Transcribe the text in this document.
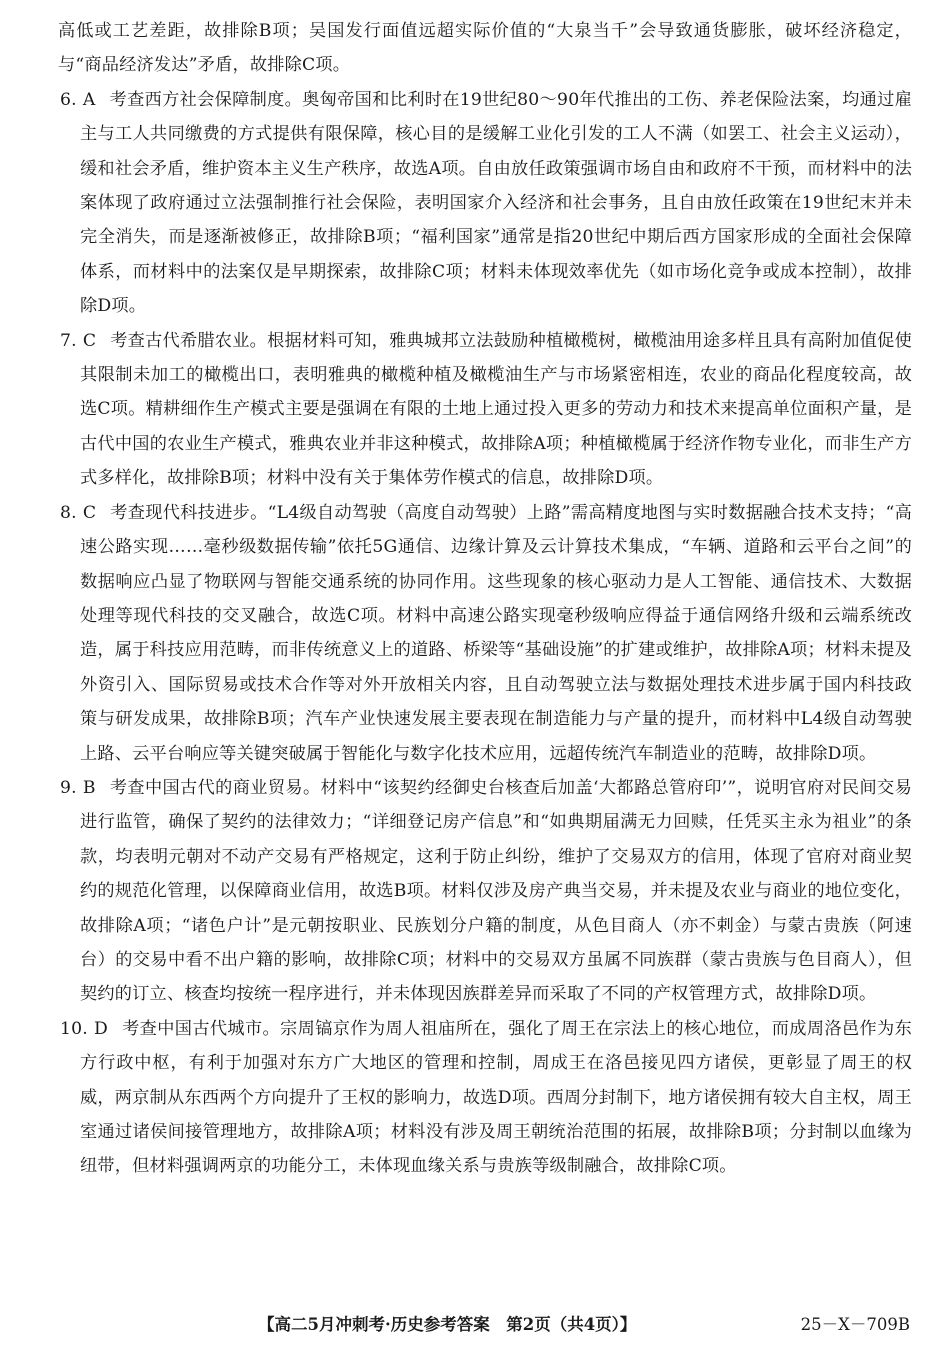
高低或工艺差距，故排除B项；吴国发行面值远超实际价值的“大泉当千”会导致通货膨胀，破坏经济稳定，与“商品经济发达”矛盾，故排除C项。

6. A 考查西方社会保障制度。奥匈帝国和比利时在19世纪80～90年代推出的工伤、养老保险法案，均通过雇主与工人共同缴费的方式提供有限保障，核心目的是缓解工业化引发的工人不满（如罢工、社会主义运动），缓和社会矛盾，维护资本主义生产秩序，故选A项。自由放任政策强调市场自由和政府不干预，而材料中的法案体现了政府通过立法强制推行社会保险，表明国家介入经济和社会事务，且自由放任政策在19世纪末并未完全消失，而是逐渐被修正，故排除B项；“福利国家”通常是指20世纪中期后西方国家形成的全面社会保障体系，而材料中的法案仅是早期探索，故排除C项；材料未体现效率优先（如市场化竞争或成本控制），故排除D项。

7. C 考查古代希腊农业。根据材料可知，雅典城邦立法鼓励种植橄榄树，橄榄油用途多样且具有高附加值促使其限制未加工的橄榄出口，表明雅典的橄榄种植及橄榄油生产与市场紧密相连，农业的商品化程度较高，故选C项。精耕细作生产模式主要是强调在有限的土地上通过投入更多的劳动力和技术来提高单位面积产量，是古代中国的农业生产模式，雅典农业并非这种模式，故排除A项；种植橄榄属于经济作物专业化，而非生产方式多样化，故排除B项；材料中没有关于集体劳作模式的信息，故排除D项。

8. C 考查现代科技进步。“L4级自动驾驶（高度自动驾驶）上路”需高精度地图与实时数据融合技术支持；“高速公路实现……毫秒级数据传输”依托5G通信、边缘计算及云计算技术集成，“车辆、道路和云平台之间”的数据响应凸显了物联网与智能交通系统的协同作用。这些现象的核心驱动力是人工智能、通信技术、大数据处理等现代科技的交叉融合，故选C项。材料中高速公路实现毫秒级响应得益于通信网络升级和云端系统改造，属于科技应用范畴，而非传统意义上的道路、桥梁等“基础设施”的扩建或维护，故排除A项；材料未提及外资引入、国际贸易或技术合作等对外开放相关内容，且自动驾驶立法与数据处理技术进步属于国内科技政策与研发成果，故排除B项；汽车产业快速发展主要表现在制造能力与产量的提升，而材料中L4级自动驾驶上路、云平台响应等关键突破属于智能化与数字化技术应用，远超传统汽车制造业的范畴，故排除D项。

9. B 考查中国古代的商业贸易。材料中“该契约经御史台核查后加盖‘大都路总管府印’”，说明官府对民间交易进行监管，确保了契约的法律效力；“详细登记房产信息”和“如典期届满无力回赎，任凭买主永为祖业”的条款，均表明元朝对不动产交易有严格规定，这利于防止纠纷，维护了交易双方的信用，体现了官府对商业契约的规范化管理，以保障商业信用，故选B项。材料仅涉及房产典当交易，并未提及农业与商业的地位变化，故排除A项；“诸色户计”是元朝按职业、民族划分户籍的制度，从色目商人（亦不剌金）与蒙古贵族（阿速台）的交易中看不出户籍的影响，故排除C项；材料中的交易双方虽属不同族群（蒙古贵族与色目商人），但契约的订立、核查均按统一程序进行，并未体现因族群差异而采取了不同的产权管理方式，故排除D项。

10. D 考查中国古代城市。宗周镐京作为周人祖庙所在，强化了周王在宗法上的核心地位，而成周洛邑作为东方行政中枢，有利于加强对东方广大地区的管理和控制，周成王在洛邑接见四方诸侯，更彰显了周王的权威，两京制从东西两个方向提升了王权的影响力，故选D项。西周分封制下，地方诸侯拥有较大自主权，周王室通过诸侯间接管理地方，故排除A项；材料没有涉及周王朝统治范围的拓展，故排除B项；分封制以血缘为纽带，但材料强调两京的功能分工，未体现血缘关系与贵族等级制融合，故排除C项。

【高二5月冲刺考·历史参考答案　第2页（共4页）】	25－X－709B
